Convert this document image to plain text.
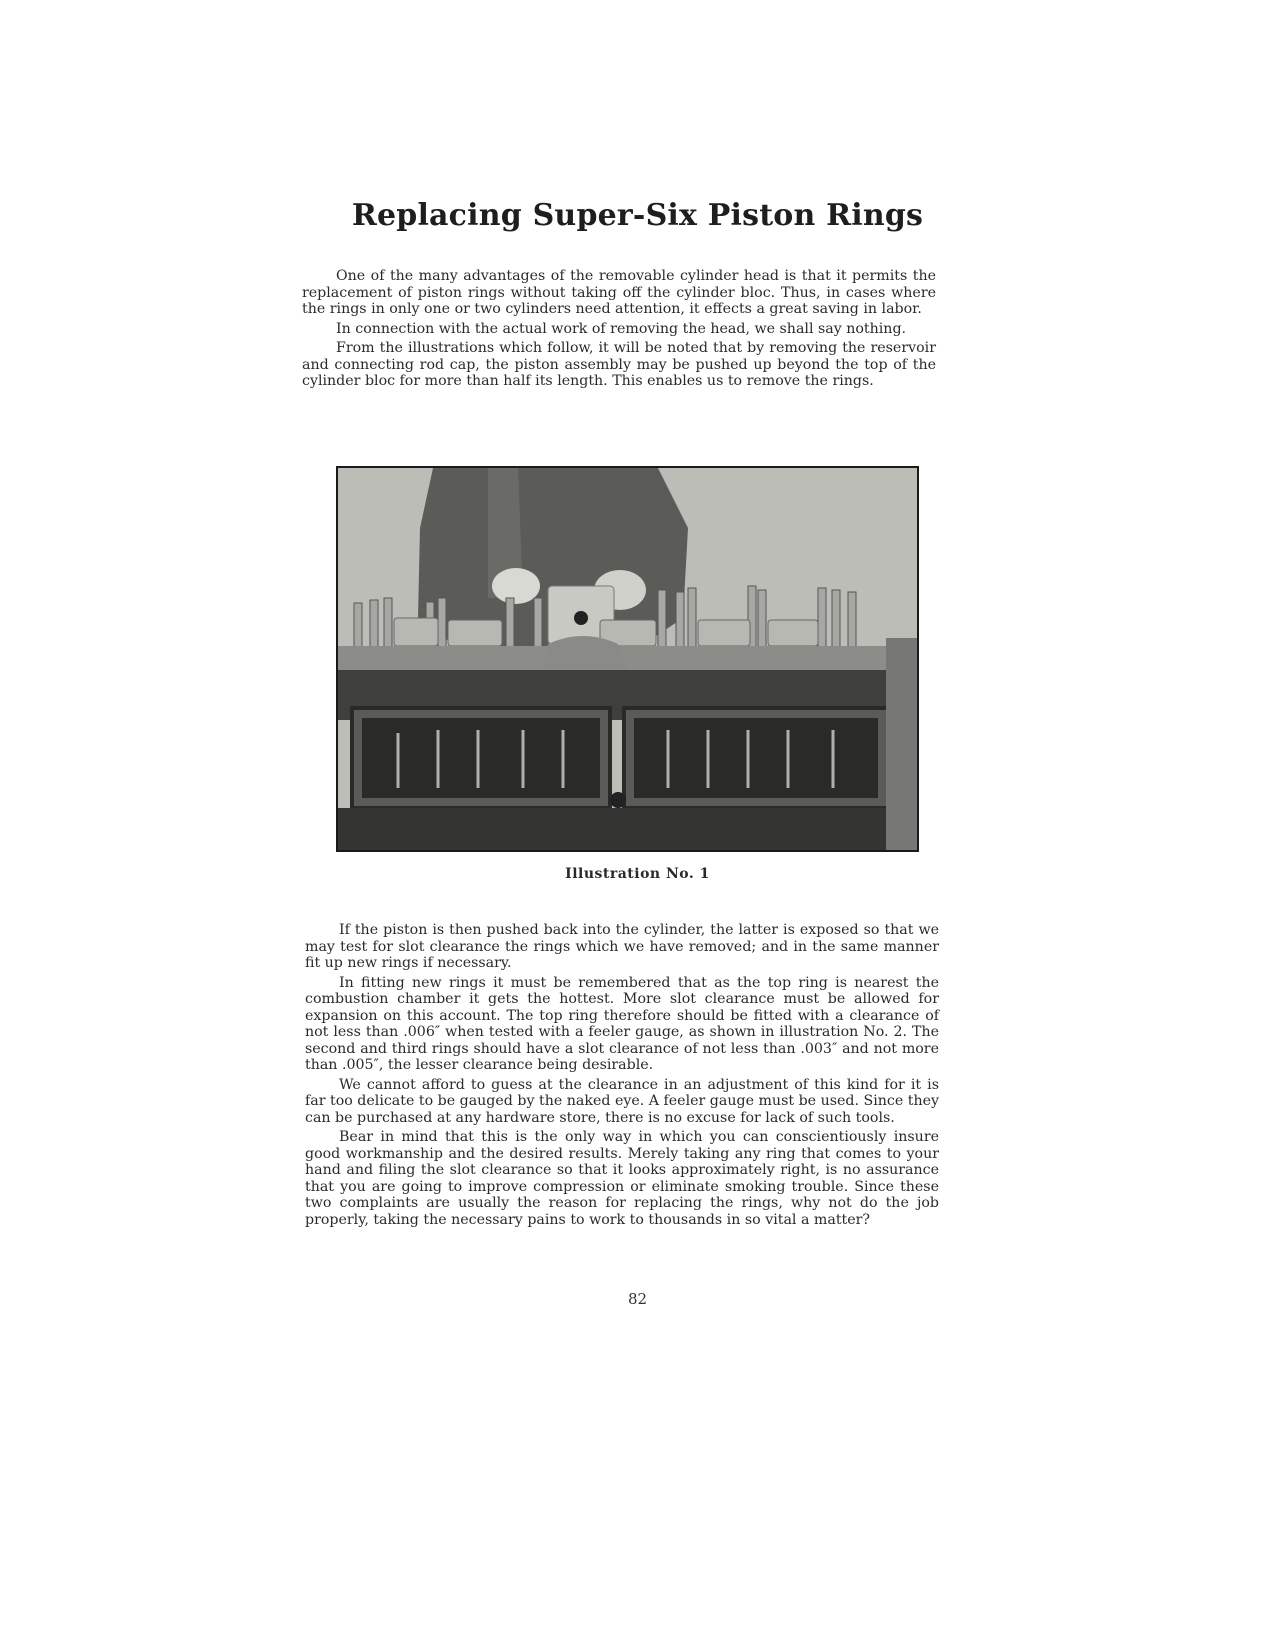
Replacing Super-Six Piston Rings

One of the many advantages of the removable cylinder head is that it permits the replacement of piston rings without taking off the cylinder bloc. Thus, in cases where the rings in only one or two cylinders need attention, it effects a great saving in labor.

In connection with the actual work of removing the head, we shall say nothing.

From the illustrations which follow, it will be noted that by removing the reservoir and connecting rod cap, the piston assembly may be pushed up beyond the top of the cylinder bloc for more than half its length. This enables us to remove the rings.

Illustration No. 1

If the piston is then pushed back into the cylinder, the latter is exposed so that we may test for slot clearance the rings which we have removed; and in the same manner fit up new rings if necessary.

In fitting new rings it must be remembered that as the top ring is nearest the combustion chamber it gets the hottest. More slot clearance must be allowed for expansion on this account. The top ring therefore should be fitted with a clearance of not less than .006″ when tested with a feeler gauge, as shown in illustration No. 2. The second and third rings should have a slot clearance of not less than .003″ and not more than .005″, the lesser clearance being desirable.

We cannot afford to guess at the clearance in an adjustment of this kind for it is far too delicate to be gauged by the naked eye. A feeler gauge must be used. Since they can be purchased at any hardware store, there is no excuse for lack of such tools.

Bear in mind that this is the only way in which you can conscientiously insure good workmanship and the desired results. Merely taking any ring that comes to your hand and filing the slot clearance so that it looks approximately right, is no assurance that you are going to improve compression or eliminate smoking trouble. Since these two complaints are usually the reason for replacing the rings, why not do the job properly, taking the necessary pains to work to thousands in so vital a matter?

82
